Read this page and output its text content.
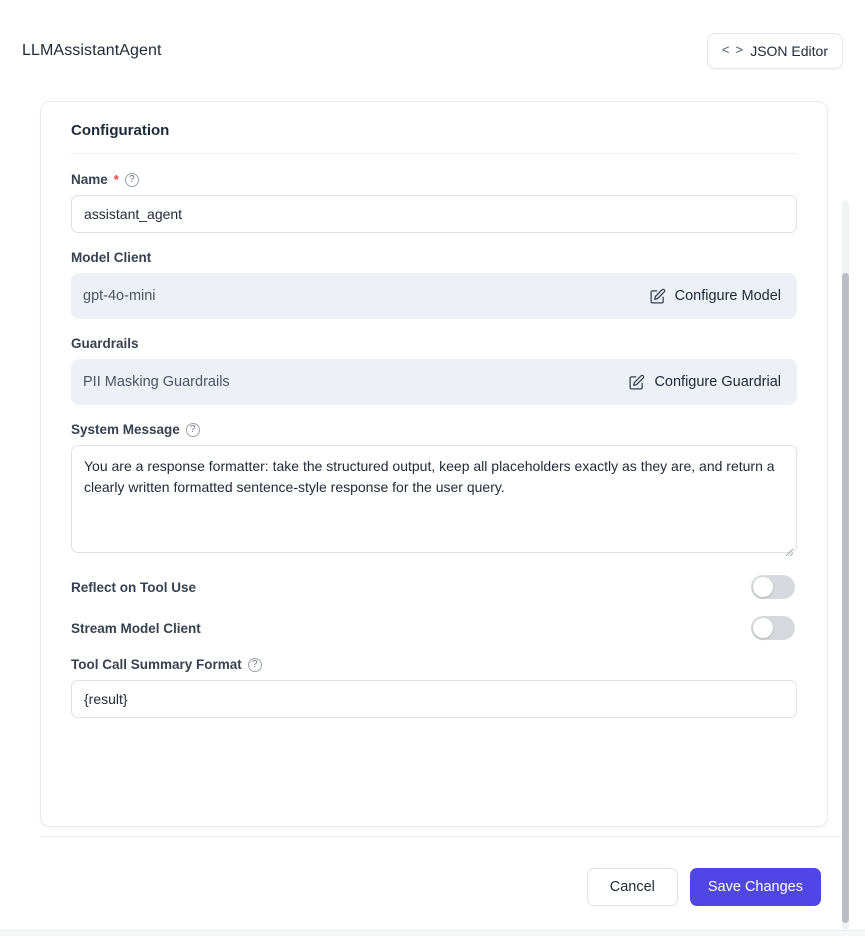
LLMAssistantAgent	< > JSON Editor
Configuration
Name *	?
assistant_agent
Model Client
gpt-4o-mini	Configure Model
Guardrails
PII Masking Guardrails	Configure Guardrial
System Message	?
You are a response formatter: take the structured output, keep all placeholders exactly as they are, and return a clearly written formatted sentence-style response for the user query.
Reflect on Tool Use
Stream Model Client
Tool Call Summary Format	?
{result}
Cancel	Save Changes
